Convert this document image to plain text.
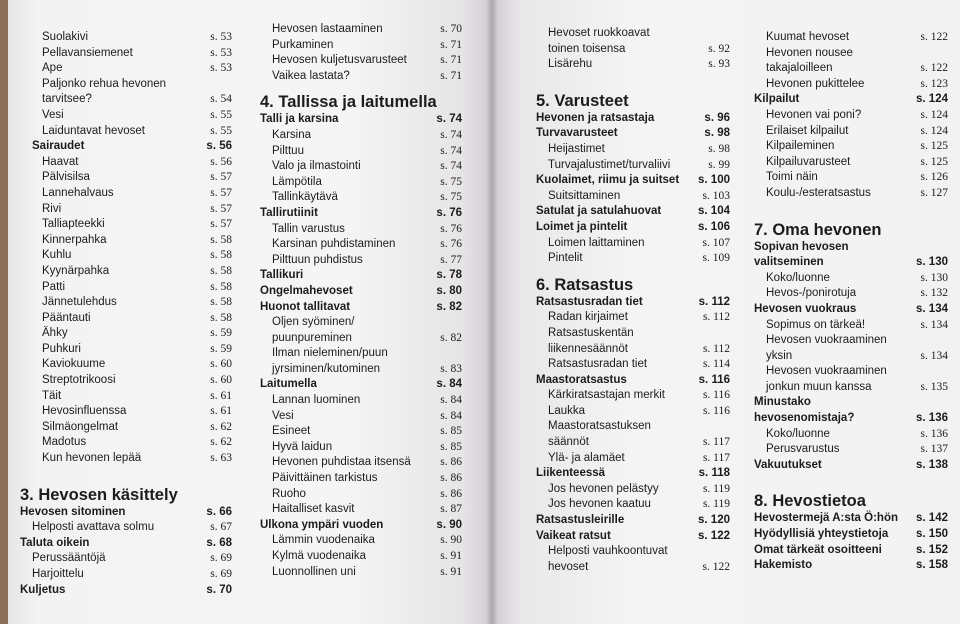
Suolakivi	s. 53
Pellavansiemenet	s. 53
Ape	s. 53
Paljonko rehua hevonen
tarvitsee?	s. 54
Vesi	s. 55
Laiduntavat hevoset	s. 55
Sairaudet	s. 56
Haavat	s. 56
Pälvisilsa	s. 57
Lannehalvaus	s. 57
Rivi	s. 57
Talliapteekki	s. 57
Kinnerpahka	s. 58
Kuhlu	s. 58
Kyynärpahka	s. 58
Patti	s. 58
Jännetulehdus	s. 58
Pääntauti	s. 58
Ähky	s. 59
Puhkuri	s. 59
Kaviokuume	s. 60
Streptotrikoosi	s. 60
Täit	s. 61
Hevosinfluenssa	s. 61
Silmäongelmat	s. 62
Madotus	s. 62
Kun hevonen lepää	s. 63
3. Hevosen käsittely
Hevosen sitominen	s. 66
Helposti avattava solmu	s. 67
Taluta oikein	s. 68
Perussääntöjä	s. 69
Harjoittelu	s. 69
Kuljetus	s. 70
Hevosen lastaaminen	s. 70
Purkaminen	s. 71
Hevosen kuljetusvarusteet	s. 71
Vaikea lastata?	s. 71
4. Tallissa ja laitumella
Talli ja karsina	s. 74
Karsina	s. 74
Pilttuu	s. 74
Valo ja ilmastointi	s. 74
Lämpötila	s. 75
Tallinkäytävä	s. 75
Tallirutiinit	s. 76
Tallin varustus	s. 76
Karsinan puhdistaminen	s. 76
Pilttuun puhdistus	s. 77
Tallikuri	s. 78
Ongelmahevoset	s. 80
Huonot tallitavat	s. 82
Oljen syöminen/
puunpureminen	s. 82
Ilman nieleminen/puun
jyrsiminen/kutominen	s. 83
Laitumella	s. 84
Lannan luominen	s. 84
Vesi	s. 84
Esineet	s. 85
Hyvä laidun	s. 85
Hevonen puhdistaa itsensä	s. 86
Päivittäinen tarkistus	s. 86
Ruoho	s. 86
Haitalliset kasvit	s. 87
Ulkona ympäri vuoden	s. 90
Lämmin vuodenaika	s. 90
Kylmä vuodenaika	s. 91
Luonnollinen uni	s. 91
Hevoset ruokkoavat
toinen toisensa	s. 92
Lisärehu	s. 93
5. Varusteet
Hevonen ja ratsastaja	s. 96
Turvavarusteet	s. 98
Heijastimet	s. 98
Turvajalustimet/turvaliivi	s. 99
Kuolaimet, riimu ja suitset s. 100
Suitsittaminen	s. 103
Satulat ja satulahuovat	s. 104
Loimet ja pintelit	s. 106
Loimen laittaminen	s. 107
Pintelit	s. 109
6. Ratsastus
Ratsastusradan tiet	s. 112
Radan kirjaimet	s. 112
Ratsastuskentän
liikennesäännöt	s. 112
Ratsastusradan tiet	s. 114
Maastoratsastus	s. 116
Kärkiratsastajan merkit	s. 116
Laukka	s. 116
Maastoratsastuksen
säännöt	s. 117
Ylä- ja alamäet	s. 117
Liikenteessä	s. 118
Jos hevonen pelästyy	s. 119
Jos hevonen kaatuu	s. 119
Ratsastusleirille	s. 120
Vaikeat ratsut	s. 122
Helposti vauhkoontuvat
hevoset	s. 122
Kuumat hevoset	s. 122
Hevonen nousee
takajaloilleen	s. 122
Hevonen pukittelee	s. 123
Kilpailut	s. 124
Hevonen vai poni?	s. 124
Erilaiset kilpailut	s. 124
Kilpaileminen	s. 125
Kilpailuvarusteet	s. 125
Toimi näin	s. 126
Koulu-/esteratsastus	s. 127
7. Oma hevonen
Sopivan hevosen
valitseminen	s. 130
Koko/luonne	s. 130
Hevos-/ponirotuja	s. 132
Hevosen vuokraus	s. 134
Sopimus on tärkeä!	s. 134
Hevosen vuokraaminen
yksin	s. 134
Hevosen vuokraaminen
jonkun muun kanssa	s. 135
Minustako
hevosenomistaja?	s. 136
Koko/luonne	s. 136
Perusvarustus	s. 137
Vakuutukset	s. 138
8. Hevostietoa
Hevostermejä A:sta Ö:hön s. 142
Hyödyllisiä yhteystietoja s. 150
Omat tärkeät osoitteeni	s. 152
Hakemisto	s. 158
